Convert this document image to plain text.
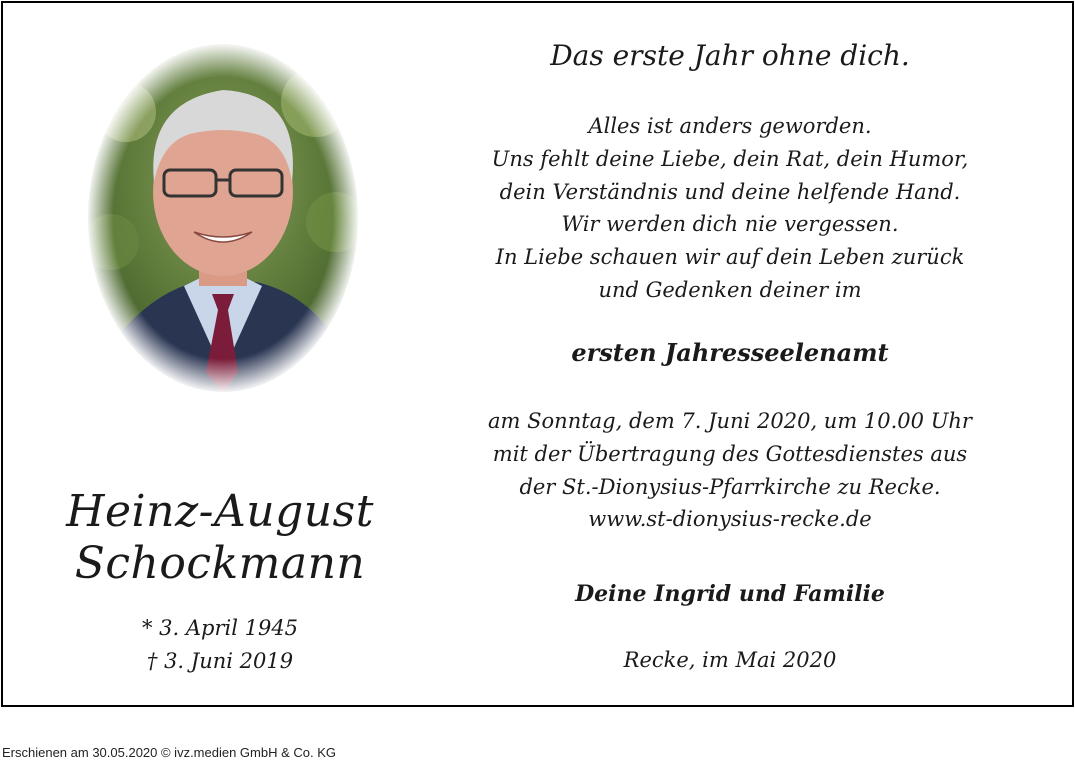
Heinz-August
Schockmann
* 3. April 1945
† 3. Juni 2019
Das erste Jahr ohne dich.
Alles ist anders geworden.
Uns fehlt deine Liebe, dein Rat, dein Humor,
dein Verständnis und deine helfende Hand.
Wir werden dich nie vergessen.
In Liebe schauen wir auf dein Leben zurück
und Gedenken deiner im
ersten Jahresseelenamt
am Sonntag, dem 7. Juni 2020, um 10.00 Uhr
mit der Übertragung des Gottesdienstes aus
der St.-Dionysius-Pfarrkirche zu Recke.
www.st-dionysius-recke.de
Deine Ingrid und Familie
Recke, im Mai 2020
Erschienen am 30.05.2020 © ivz.medien GmbH & Co. KG
